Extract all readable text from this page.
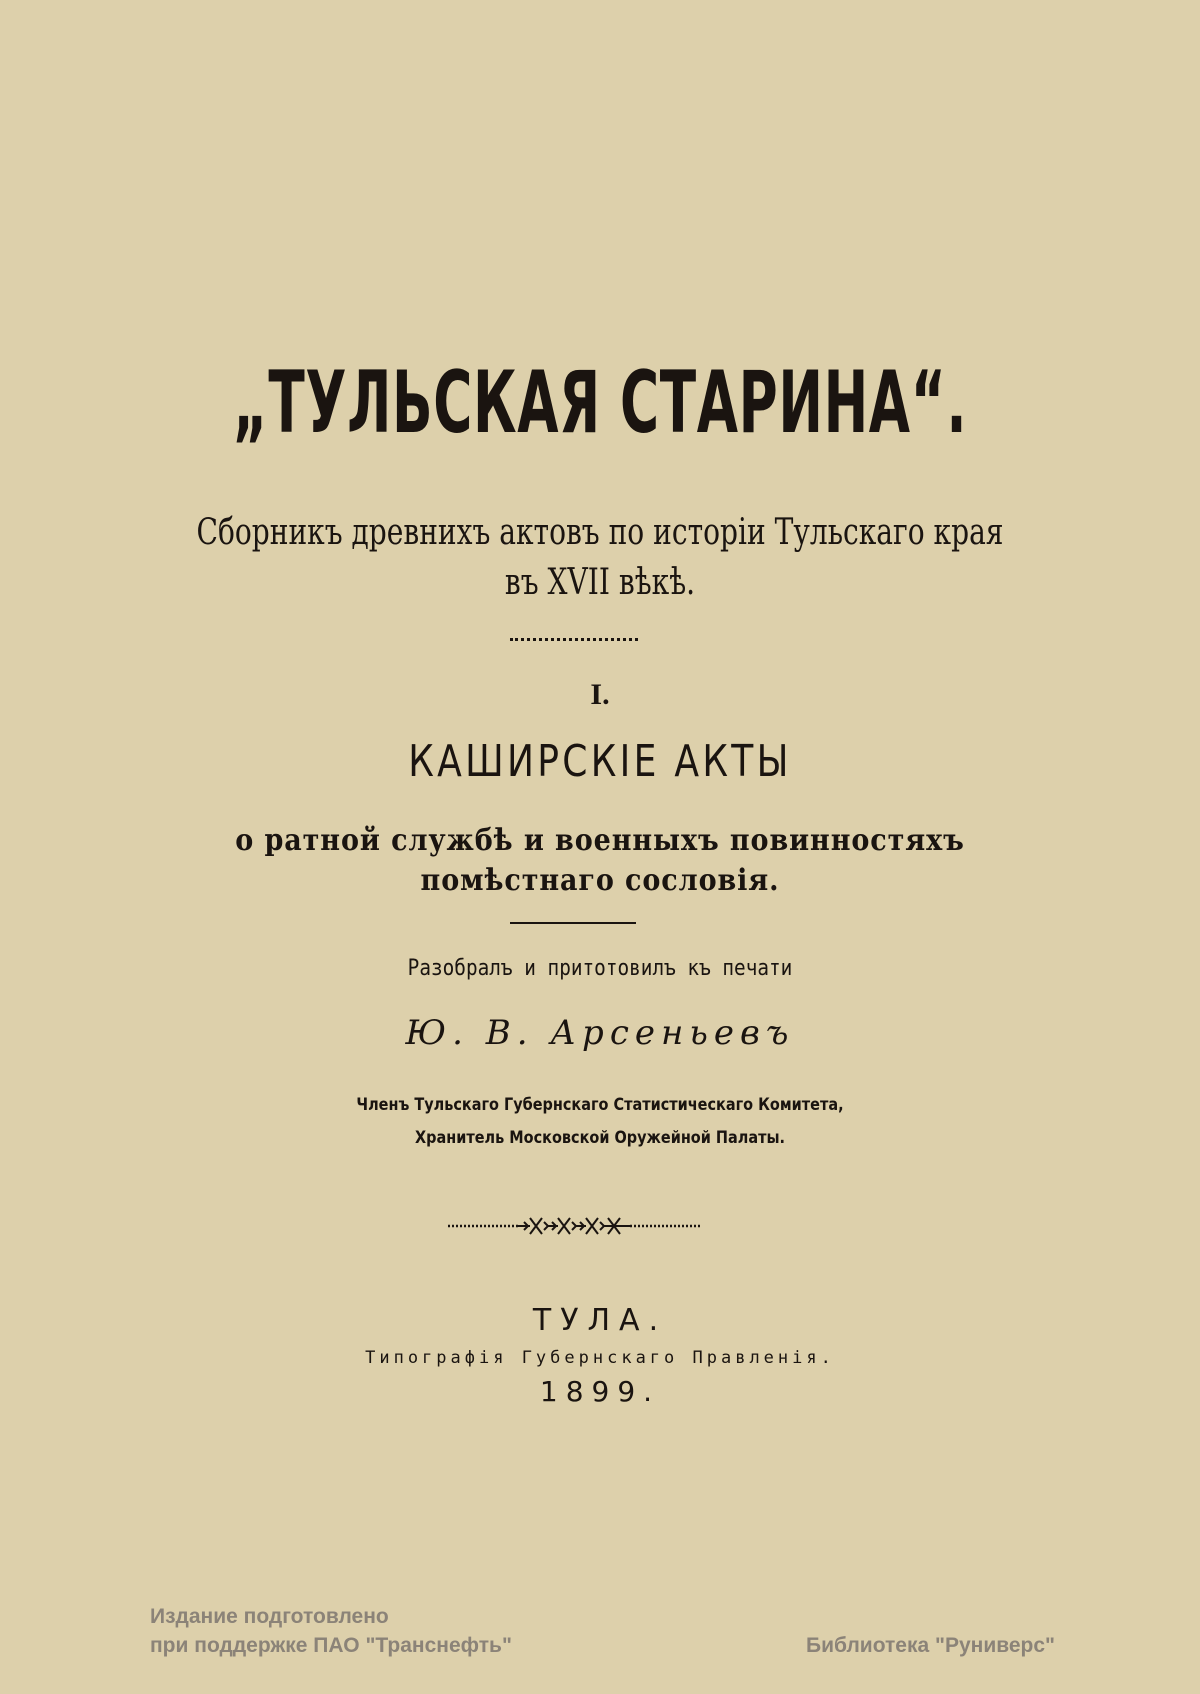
„ТУЛЬСКАЯ СТАРИНА“.
Сборникъ древнихъ актовъ по исторіи Тульскаго края
въ XVII вѣкѣ.
I.
КАШИРСКІЕ АКТЫ
о ратной службѣ и военныхъ повинностяхъ
помѣстнаго сословія.
Разобралъ и притотовилъ къ печати
Ю. В. Арсеньевъ
Членъ Тульскаго Губернскаго Статистическаго Комитета,
Хранитель Московской Оружейной Палаты.
ТУЛА.
Типографія Губернскаго Правленія.
1899.
Издание подготовлено
при поддержке ПАО "Транснефть"	Библиотека "Руниверс"
